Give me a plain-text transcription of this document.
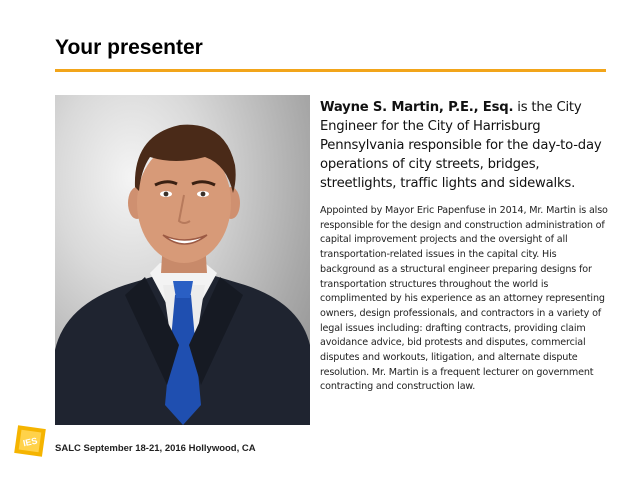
Your presenter

Wayne S. Martin, P.E., Esq. is the City Engineer for the City of Harrisburg Pennsylvania responsible for the day-to-day operations of city streets, bridges, streetlights, traffic lights and sidewalks.

Appointed by Mayor Eric Papenfuse in 2014, Mr. Martin is also responsible for the design and construction administration of capital improvement projects and the oversight of all transportation-related issues in the capital city. His background as a structural engineer preparing designs for transportation structures throughout the world is complimented by his experience as an attorney representing owners, design professionals, and contractors in a variety of legal issues including: drafting contracts, providing claim avoidance advice, bid protests and disputes, commercial disputes and workouts, litigation, and alternate dispute resolution. Mr. Martin is a frequent lecturer on government contracting and construction law.

IES
SALC September 18-21, 2016 Hollywood, CA
